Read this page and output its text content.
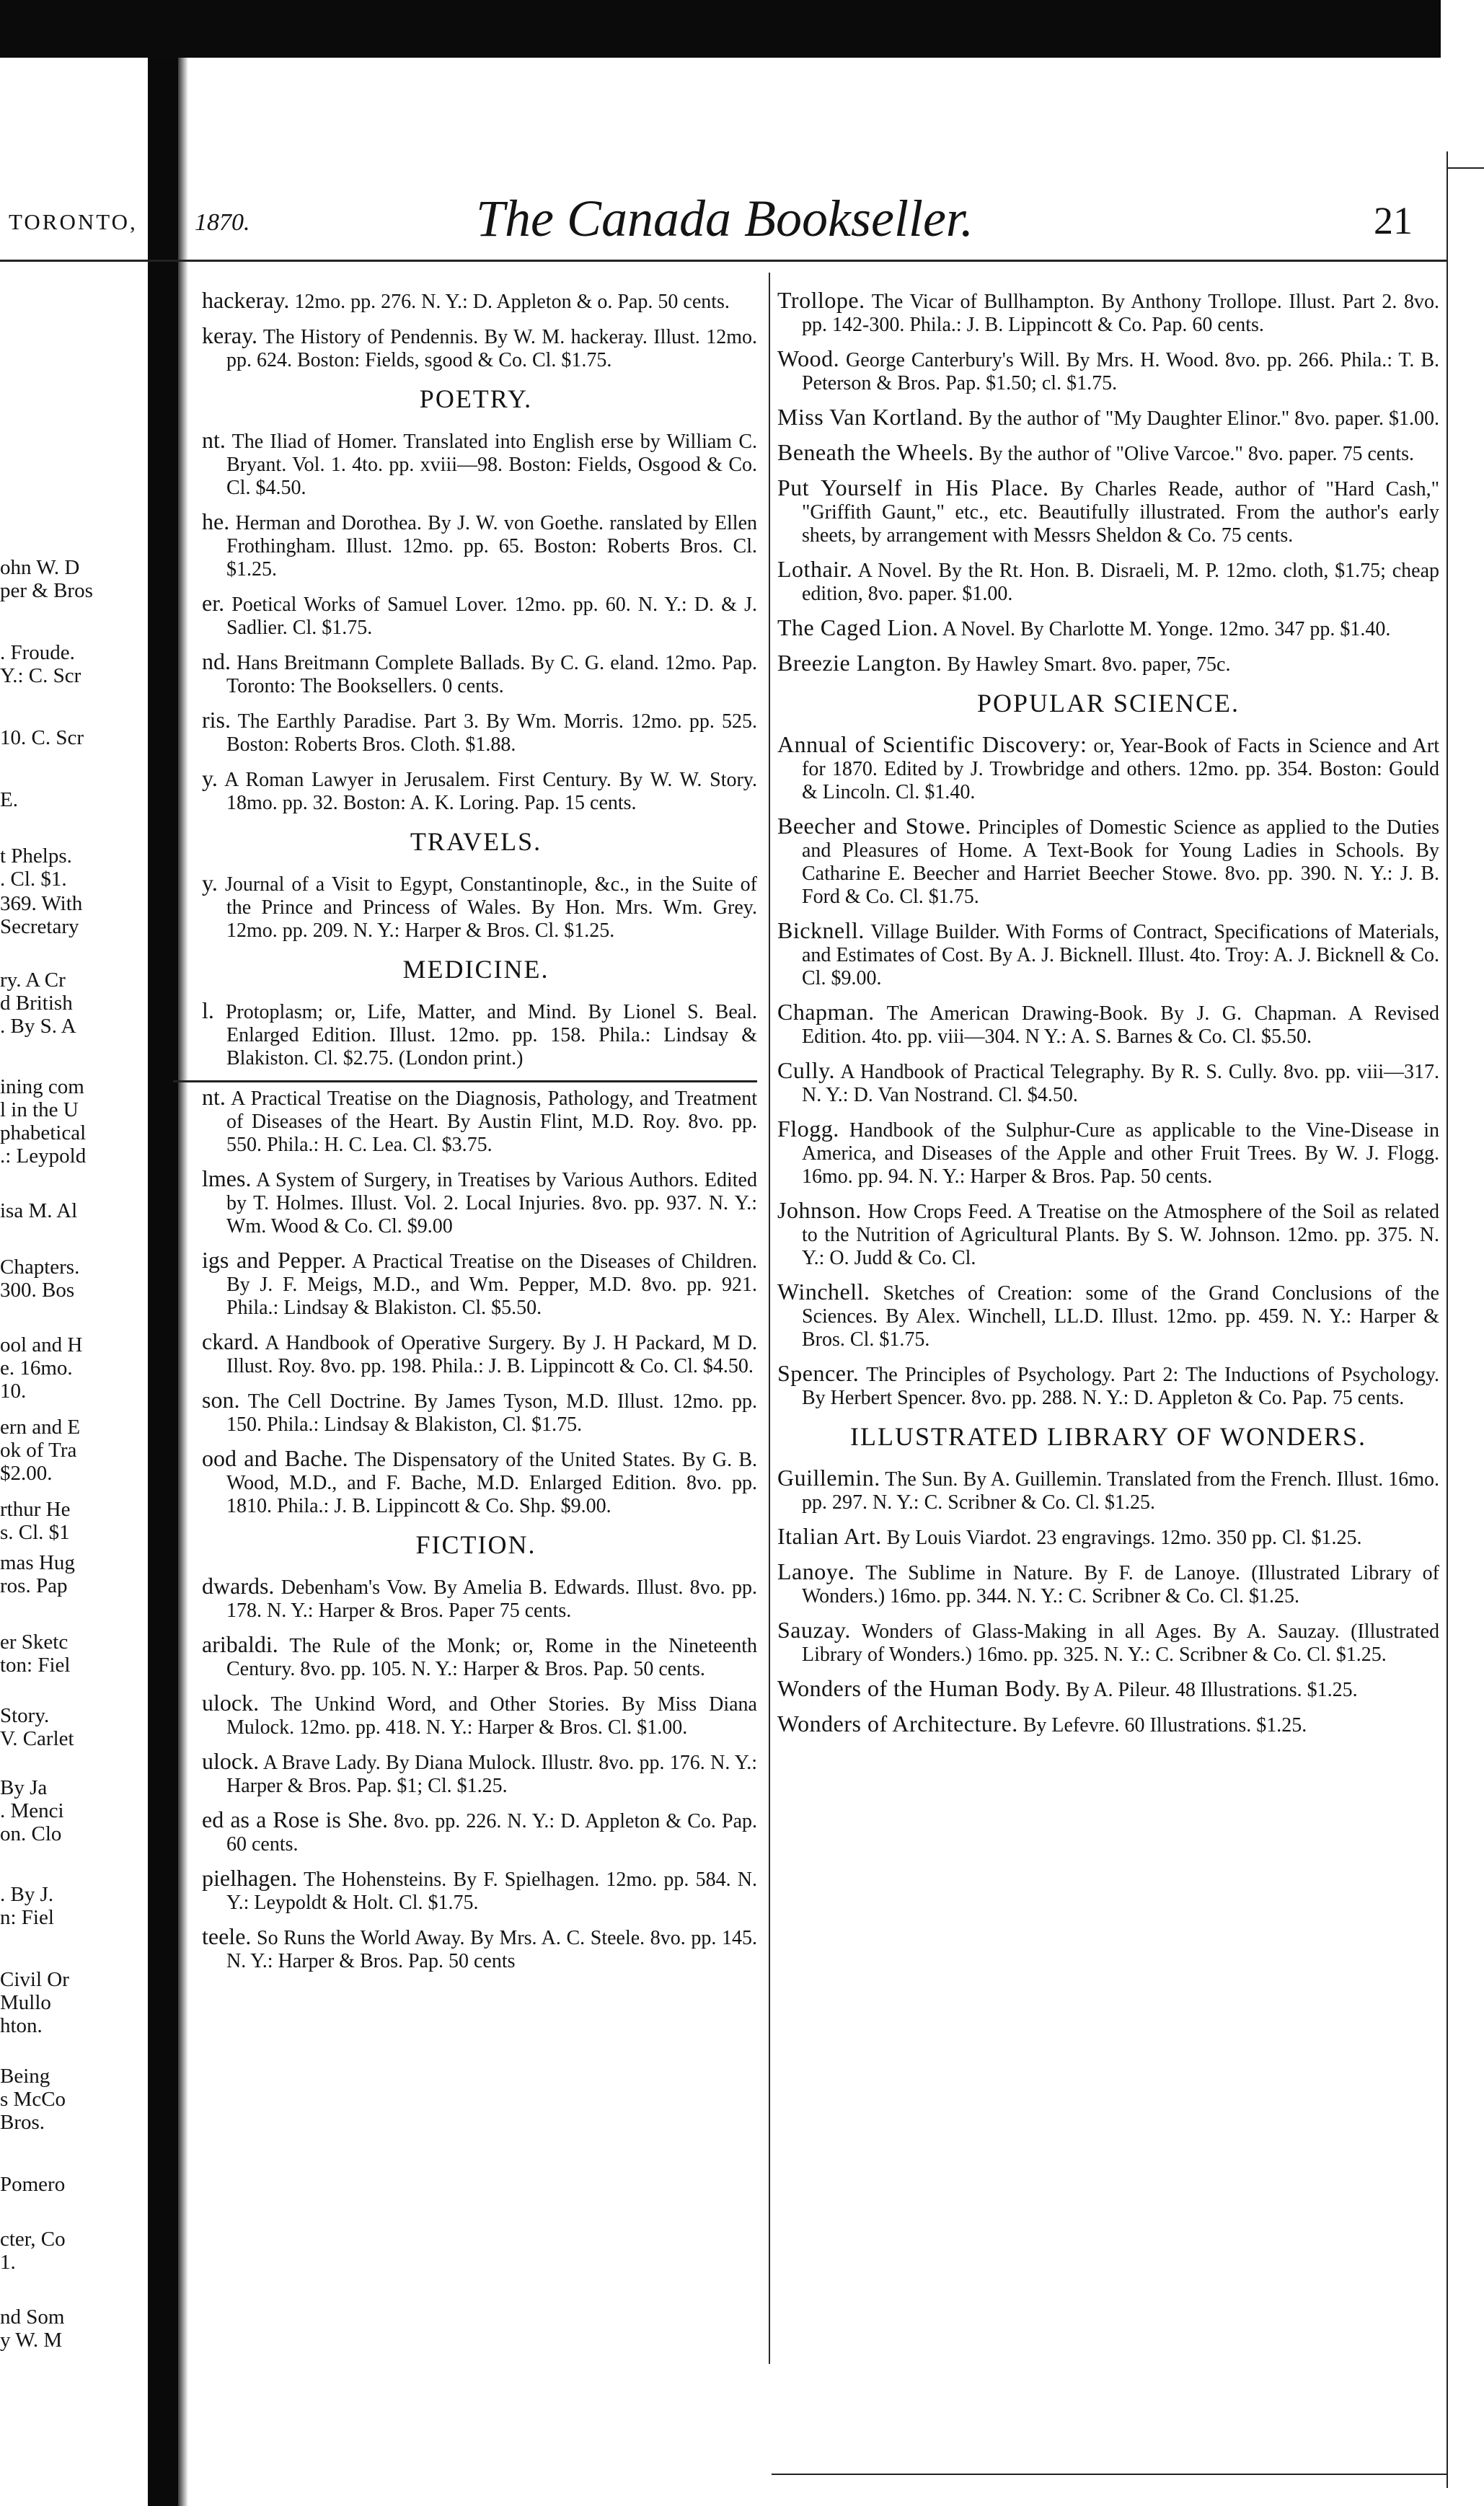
TORONTO, 1870.	The Canada Bookseller.	21
ohn W. D
per & Bros
. Froude.
Y.: C. Scr
10. C. Scr
E.
t Phelps.
. Cl. $1.
369. With
Secretary
ry. A Cr
d British
. By S. A
ining com
l in the U
phabetical
.: Leypold
isa M. Al
Chapters.
300. Bos
ool and H
e. 16mo.
10.
ern and E
ok of Tra
$2.00.
rthur He
s. Cl. $1
mas Hug
ros. Pap
er Sketc
ton: Fiel
Story.
V. Carlet
By Ja
. Menci
on. Clo
. By J.
n: Fiel
Civil Or
Mullo
hton.
Being
s McCo
Bros.
Pomero
cter, Co
1.
nd Som
y W. M
hackeray. 12mo. pp. 276. N. Y.: D. Appleton & o. Pap. 50 cents.
keray. The History of Pendennis. By W. M. hackeray. Illust. 12mo. pp. 624. Boston: Fields, sgood & Co. Cl. $1.75.
POETRY.
nt. The Iliad of Homer. Translated into English erse by William C. Bryant. Vol. 1. 4to. pp. xviii—98. Boston: Fields, Osgood & Co. Cl. $4.50.
he. Herman and Dorothea. By J. W. von Goethe. ranslated by Ellen Frothingham. Illust. 12mo. pp. 65. Boston: Roberts Bros. Cl. $1.25.
er. Poetical Works of Samuel Lover. 12mo. pp. 60. N. Y.: D. & J. Sadlier. Cl. $1.75.
nd. Hans Breitmann Complete Ballads. By C. G. eland. 12mo. Pap. Toronto: The Booksellers. 0 cents.
ris. The Earthly Paradise. Part 3. By Wm. Morris. 12mo. pp. 525. Boston: Roberts Bros. Cloth. $1.88.
y. A Roman Lawyer in Jerusalem. First Century. By W. W. Story. 18mo. pp. 32. Boston: A. K. Loring. Pap. 15 cents.
TRAVELS.
y. Journal of a Visit to Egypt, Constantinople, &c., in the Suite of the Prince and Princess of Wales. By Hon. Mrs. Wm. Grey. 12mo. pp. 209. N. Y.: Harper & Bros. Cl. $1.25.
MEDICINE.
l. Protoplasm; or, Life, Matter, and Mind. By Lionel S. Beal. Enlarged Edition. Illust. 12mo. pp. 158. Phila.: Lindsay & Blakiston. Cl. $2.75. (London print.)
nt. A Practical Treatise on the Diagnosis, Pathology, and Treatment of Diseases of the Heart. By Austin Flint, M.D. Roy. 8vo. pp. 550. Phila.: H. C. Lea. Cl. $3.75.
lmes. A System of Surgery, in Treatises by Various Authors. Edited by T. Holmes. Illust. Vol. 2. Local Injuries. 8vo. pp. 937. N. Y.: Wm. Wood & Co. Cl. $9.00
igs and Pepper. A Practical Treatise on the Diseases of Children. By J. F. Meigs, M.D., and Wm. Pepper, M.D. 8vo. pp. 921. Phila.: Lindsay & Blakiston. Cl. $5.50.
ckard. A Handbook of Operative Surgery. By J. H Packard, M D. Illust. Roy. 8vo. pp. 198. Phila.: J. B. Lippincott & Co. Cl. $4.50.
son. The Cell Doctrine. By James Tyson, M.D. Illust. 12mo. pp. 150. Phila.: Lindsay & Blakiston, Cl. $1.75.
ood and Bache. The Dispensatory of the United States. By G. B. Wood, M.D., and F. Bache, M.D. Enlarged Edition. 8vo. pp. 1810. Phila.: J. B. Lippincott & Co. Shp. $9.00.
FICTION.
dwards. Debenham's Vow. By Amelia B. Edwards. Illust. 8vo. pp. 178. N. Y.: Harper & Bros. Paper 75 cents.
aribaldi. The Rule of the Monk; or, Rome in the Nineteenth Century. 8vo. pp. 105. N. Y.: Harper & Bros. Pap. 50 cents.
ulock. The Unkind Word, and Other Stories. By Miss Diana Mulock. 12mo. pp. 418. N. Y.: Harper & Bros. Cl. $1.00.
ulock. A Brave Lady. By Diana Mulock. Illustr. 8vo. pp. 176. N. Y.: Harper & Bros. Pap. $1; Cl. $1.25.
ed as a Rose is She. 8vo. pp. 226. N. Y.: D. Appleton & Co. Pap. 60 cents.
pielhagen. The Hohensteins. By F. Spielhagen. 12mo. pp. 584. N. Y.: Leypoldt & Holt. Cl. $1.75.
teele. So Runs the World Away. By Mrs. A. C. Steele. 8vo. pp. 145. N. Y.: Harper & Bros. Pap. 50 cents
Trollope. The Vicar of Bullhampton. By Anthony Trollope. Illust. Part 2. 8vo. pp. 142-300. Phila.: J. B. Lippincott & Co. Pap. 60 cents.
Wood. George Canterbury's Will. By Mrs. H. Wood. 8vo. pp. 266. Phila.: T. B. Peterson & Bros. Pap. $1.50; cl. $1.75.
Miss Van Kortland. By the author of "My Daughter Elinor." 8vo. paper. $1.00.
Beneath the Wheels. By the author of "Olive Varcoe." 8vo. paper. 75 cents.
Put Yourself in His Place. By Charles Reade, author of "Hard Cash," "Griffith Gaunt," etc., etc. Beautifully illustrated. From the author's early sheets, by arrangement with Messrs Sheldon & Co. 75 cents.
Lothair. A Novel. By the Rt. Hon. B. Disraeli, M. P. 12mo. cloth, $1.75; cheap edition, 8vo. paper. $1.00.
The Caged Lion. A Novel. By Charlotte M. Yonge. 12mo. 347 pp. $1.40.
Breezie Langton. By Hawley Smart. 8vo. paper, 75c.
POPULAR SCIENCE.
Annual of Scientific Discovery: or, Year-Book of Facts in Science and Art for 1870. Edited by J. Trowbridge and others. 12mo. pp. 354. Boston: Gould & Lincoln. Cl. $1.40.
Beecher and Stowe. Principles of Domestic Science as applied to the Duties and Pleasures of Home. A Text-Book for Young Ladies in Schools. By Catharine E. Beecher and Harriet Beecher Stowe. 8vo. pp. 390. N. Y.: J. B. Ford & Co. Cl. $1.75.
Bicknell. Village Builder. With Forms of Contract, Specifications of Materials, and Estimates of Cost. By A. J. Bicknell. Illust. 4to. Troy: A. J. Bicknell & Co. Cl. $9.00.
Chapman. The American Drawing-Book. By J. G. Chapman. A Revised Edition. 4to. pp. viii—304. N Y.: A. S. Barnes & Co. Cl. $5.50.
Cully. A Handbook of Practical Telegraphy. By R. S. Cully. 8vo. pp. viii—317. N. Y.: D. Van Nostrand. Cl. $4.50.
Flogg. Handbook of the Sulphur-Cure as applicable to the Vine-Disease in America, and Diseases of the Apple and other Fruit Trees. By W. J. Flogg. 16mo. pp. 94. N. Y.: Harper & Bros. Pap. 50 cents.
Johnson. How Crops Feed. A Treatise on the Atmosphere of the Soil as related to the Nutrition of Agricultural Plants. By S. W. Johnson. 12mo. pp. 375. N. Y.: O. Judd & Co. Cl.
Winchell. Sketches of Creation: some of the Grand Conclusions of the Sciences. By Alex. Winchell, LL.D. Illust. 12mo. pp. 459. N. Y.: Harper & Bros. Cl. $1.75.
Spencer. The Principles of Psychology. Part 2: The Inductions of Psychology. By Herbert Spencer. 8vo. pp. 288. N. Y.: D. Appleton & Co. Pap. 75 cents.
ILLUSTRATED LIBRARY OF WONDERS.
Guillemin. The Sun. By A. Guillemin. Translated from the French. Illust. 16mo. pp. 297. N. Y.: C. Scribner & Co. Cl. $1.25.
Italian Art. By Louis Viardot. 23 engravings. 12mo. 350 pp. Cl. $1.25.
Lanoye. The Sublime in Nature. By F. de Lanoye. (Illustrated Library of Wonders.) 16mo. pp. 344. N. Y.: C. Scribner & Co. Cl. $1.25.
Sauzay. Wonders of Glass-Making in all Ages. By A. Sauzay. (Illustrated Library of Wonders.) 16mo. pp. 325. N. Y.: C. Scribner & Co. Cl. $1.25.
Wonders of the Human Body. By A. Pileur. 48 Illustrations. $1.25.
Wonders of Architecture. By Lefevre. 60 Illustrations. $1.25.
